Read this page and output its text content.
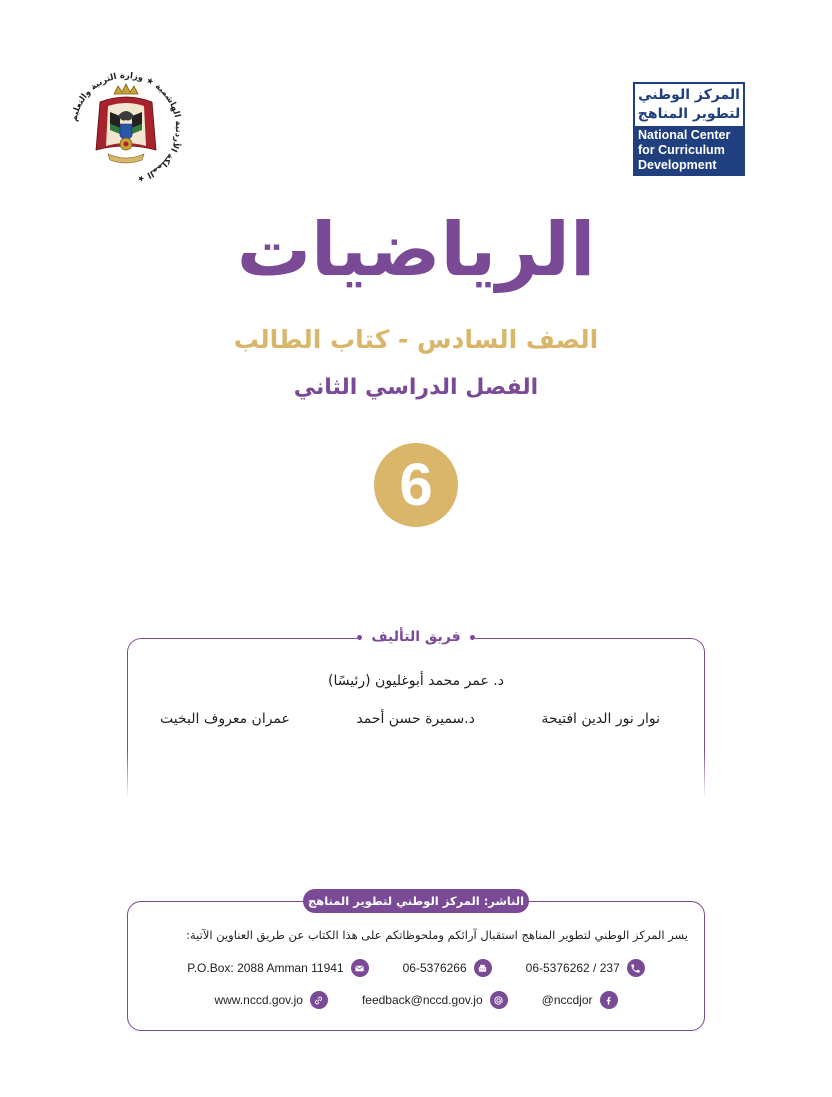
المملكة الأردنية الهاشمية ★ وزارة التربية والتعليم ★
المركز الوطني
لتطوير المناهج
National Center
for Curriculum
Development
الرياضيات
الصف السادس - كتاب الطالب
الفصل الدراسي الثاني
6
فريق التأليف
د. عمر محمد أبوغليون (رئيسًا)
نوار نور الدين افتيحة
د.سميرة حسن أحمد
عمران معروف البخيت
الناشر: المركز الوطني لتطوير المناهج
يسر المركز الوطني لتطوير المناهج استقبال آرائكم وملحوظاتكم على هذا الكتاب عن طريق العناوين الآتية:
06-5376262 / 237
06-5376266
P.O.Box: 2088 Amman 11941
@nccdjor
feedback@nccd.gov.jo
www.nccd.gov.jo
